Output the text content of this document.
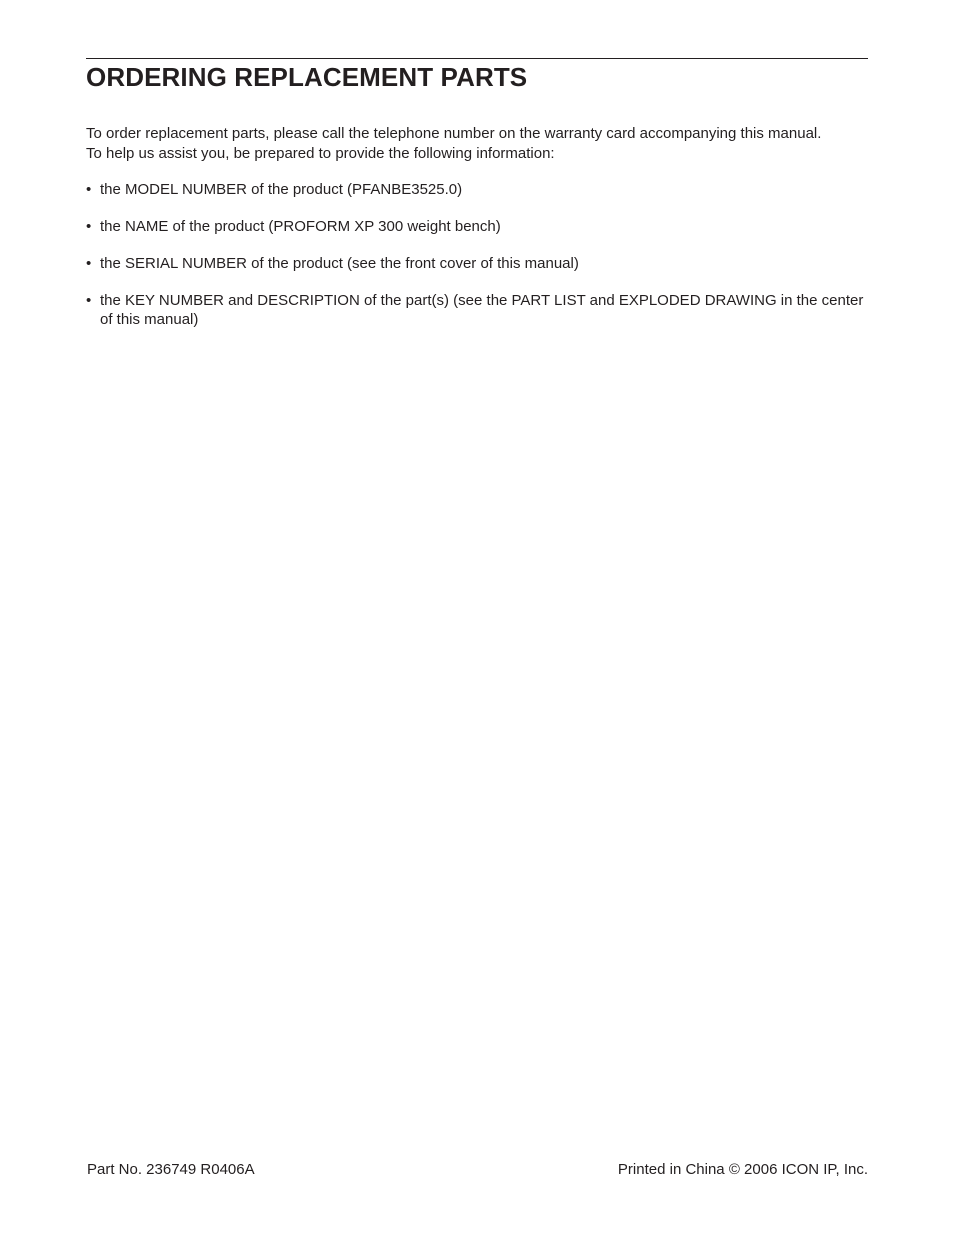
ORDERING REPLACEMENT PARTS

To order replacement parts, please call the telephone number on the warranty card accompanying this manual.
To help us assist you, be prepared to provide the following information:

• the MODEL NUMBER of the product (PFANBE3525.0)
• the NAME of the product (PROFORM XP 300 weight bench)
• the SERIAL NUMBER of the product (see the front cover of this manual)
• the KEY NUMBER and DESCRIPTION of the part(s) (see the PART LIST and EXPLODED DRAWING in the center of this manual)
Part No. 236749 R0406A	Printed in China © 2006 ICON IP, Inc.
